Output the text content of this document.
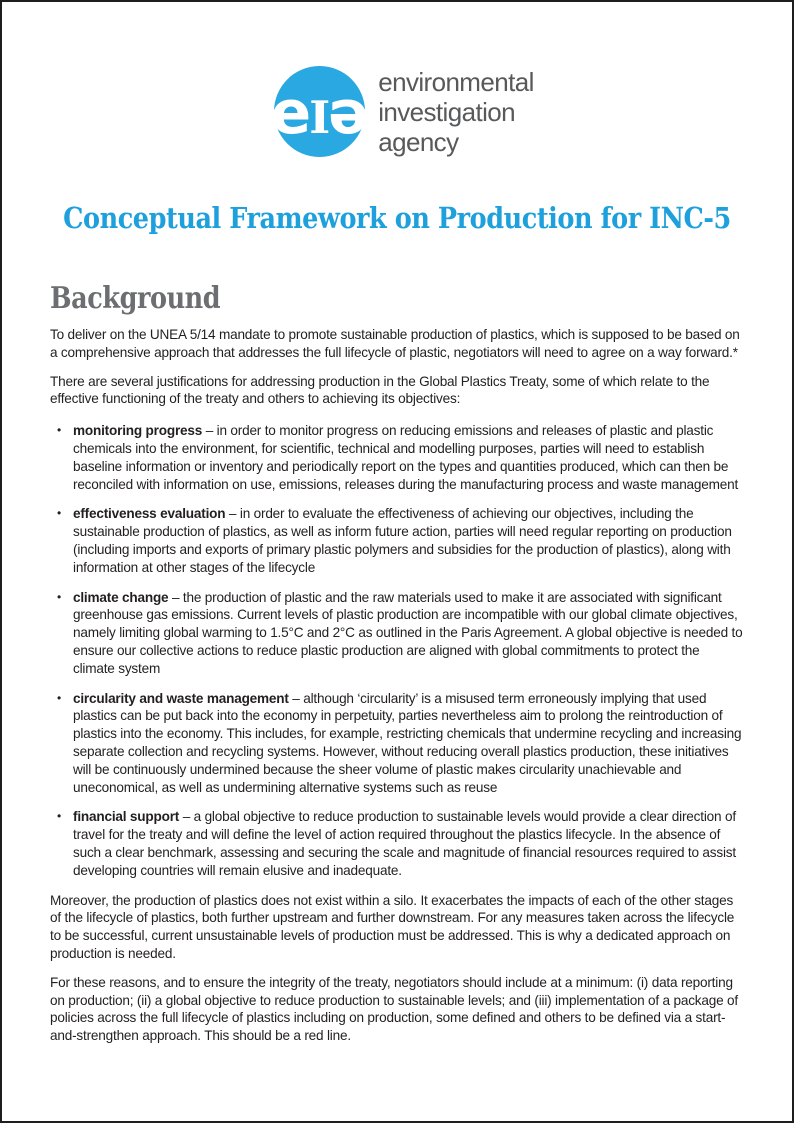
e
I
ə environmental
investigation
agency
Conceptual Framework on Production for INC-5
Background

To deliver on the UNEA 5/14 mandate to promote sustainable production of plastics, which is supposed to be based on a comprehensive approach that addresses the full lifecycle of plastic, negotiators will need to agree on a way forward.*

There are several justifications for addressing production in the Global Plastics Treaty, some of which relate to the effective functioning of the treaty and others to achieving its objectives:

• monitoring progress – in order to monitor progress on reducing emissions and releases of plastic and plastic chemicals into the environment, for scientific, technical and modelling purposes, parties will need to establish baseline information or inventory and periodically report on the types and quantities produced, which can then be reconciled with information on use, emissions, releases during the manufacturing process and waste management
• effectiveness evaluation – in order to evaluate the effectiveness of achieving our objectives, including the sustainable production of plastics, as well as inform future action, parties will need regular reporting on production (including imports and exports of primary plastic polymers and subsidies for the production of plastics), along with information at other stages of the lifecycle
• climate change – the production of plastic and the raw materials used to make it are associated with significant greenhouse gas emissions. Current levels of plastic production are incompatible with our global climate objectives, namely limiting global warming to 1.5°C and 2°C as outlined in the Paris Agreement. A global objective is needed to ensure our collective actions to reduce plastic production are aligned with global commitments to protect the climate system
• circularity and waste management – although ‘circularity’ is a misused term erroneously implying that used plastics can be put back into the economy in perpetuity, parties nevertheless aim to prolong the reintroduction of plastics into the economy. This includes, for example, restricting chemicals that undermine recycling and increasing separate collection and recycling systems. However, without reducing overall plastics production, these initiatives will be continuously undermined because the sheer volume of plastic makes circularity unachievable and uneconomical, as well as undermining alternative systems such as reuse
• financial support – a global objective to reduce production to sustainable levels would provide a clear direction of travel for the treaty and will define the level of action required throughout the plastics lifecycle. In the absence of such a clear benchmark, assessing and securing the scale and magnitude of financial resources required to assist developing countries will remain elusive and inadequate.

Moreover, the production of plastics does not exist within a silo. It exacerbates the impacts of each of the other stages of the lifecycle of plastics, both further upstream and further downstream. For any measures taken across the lifecycle to be successful, current unsustainable levels of production must be addressed. This is why a dedicated approach on production is needed.

For these reasons, and to ensure the integrity of the treaty, negotiators should include at a minimum: (i) data reporting on production; (ii) a global objective to reduce production to sustainable levels; and (iii) implementation of a package of policies across the full lifecycle of plastics including on production, some defined and others to be defined via a start-and-strengthen approach. This should be a red line.
